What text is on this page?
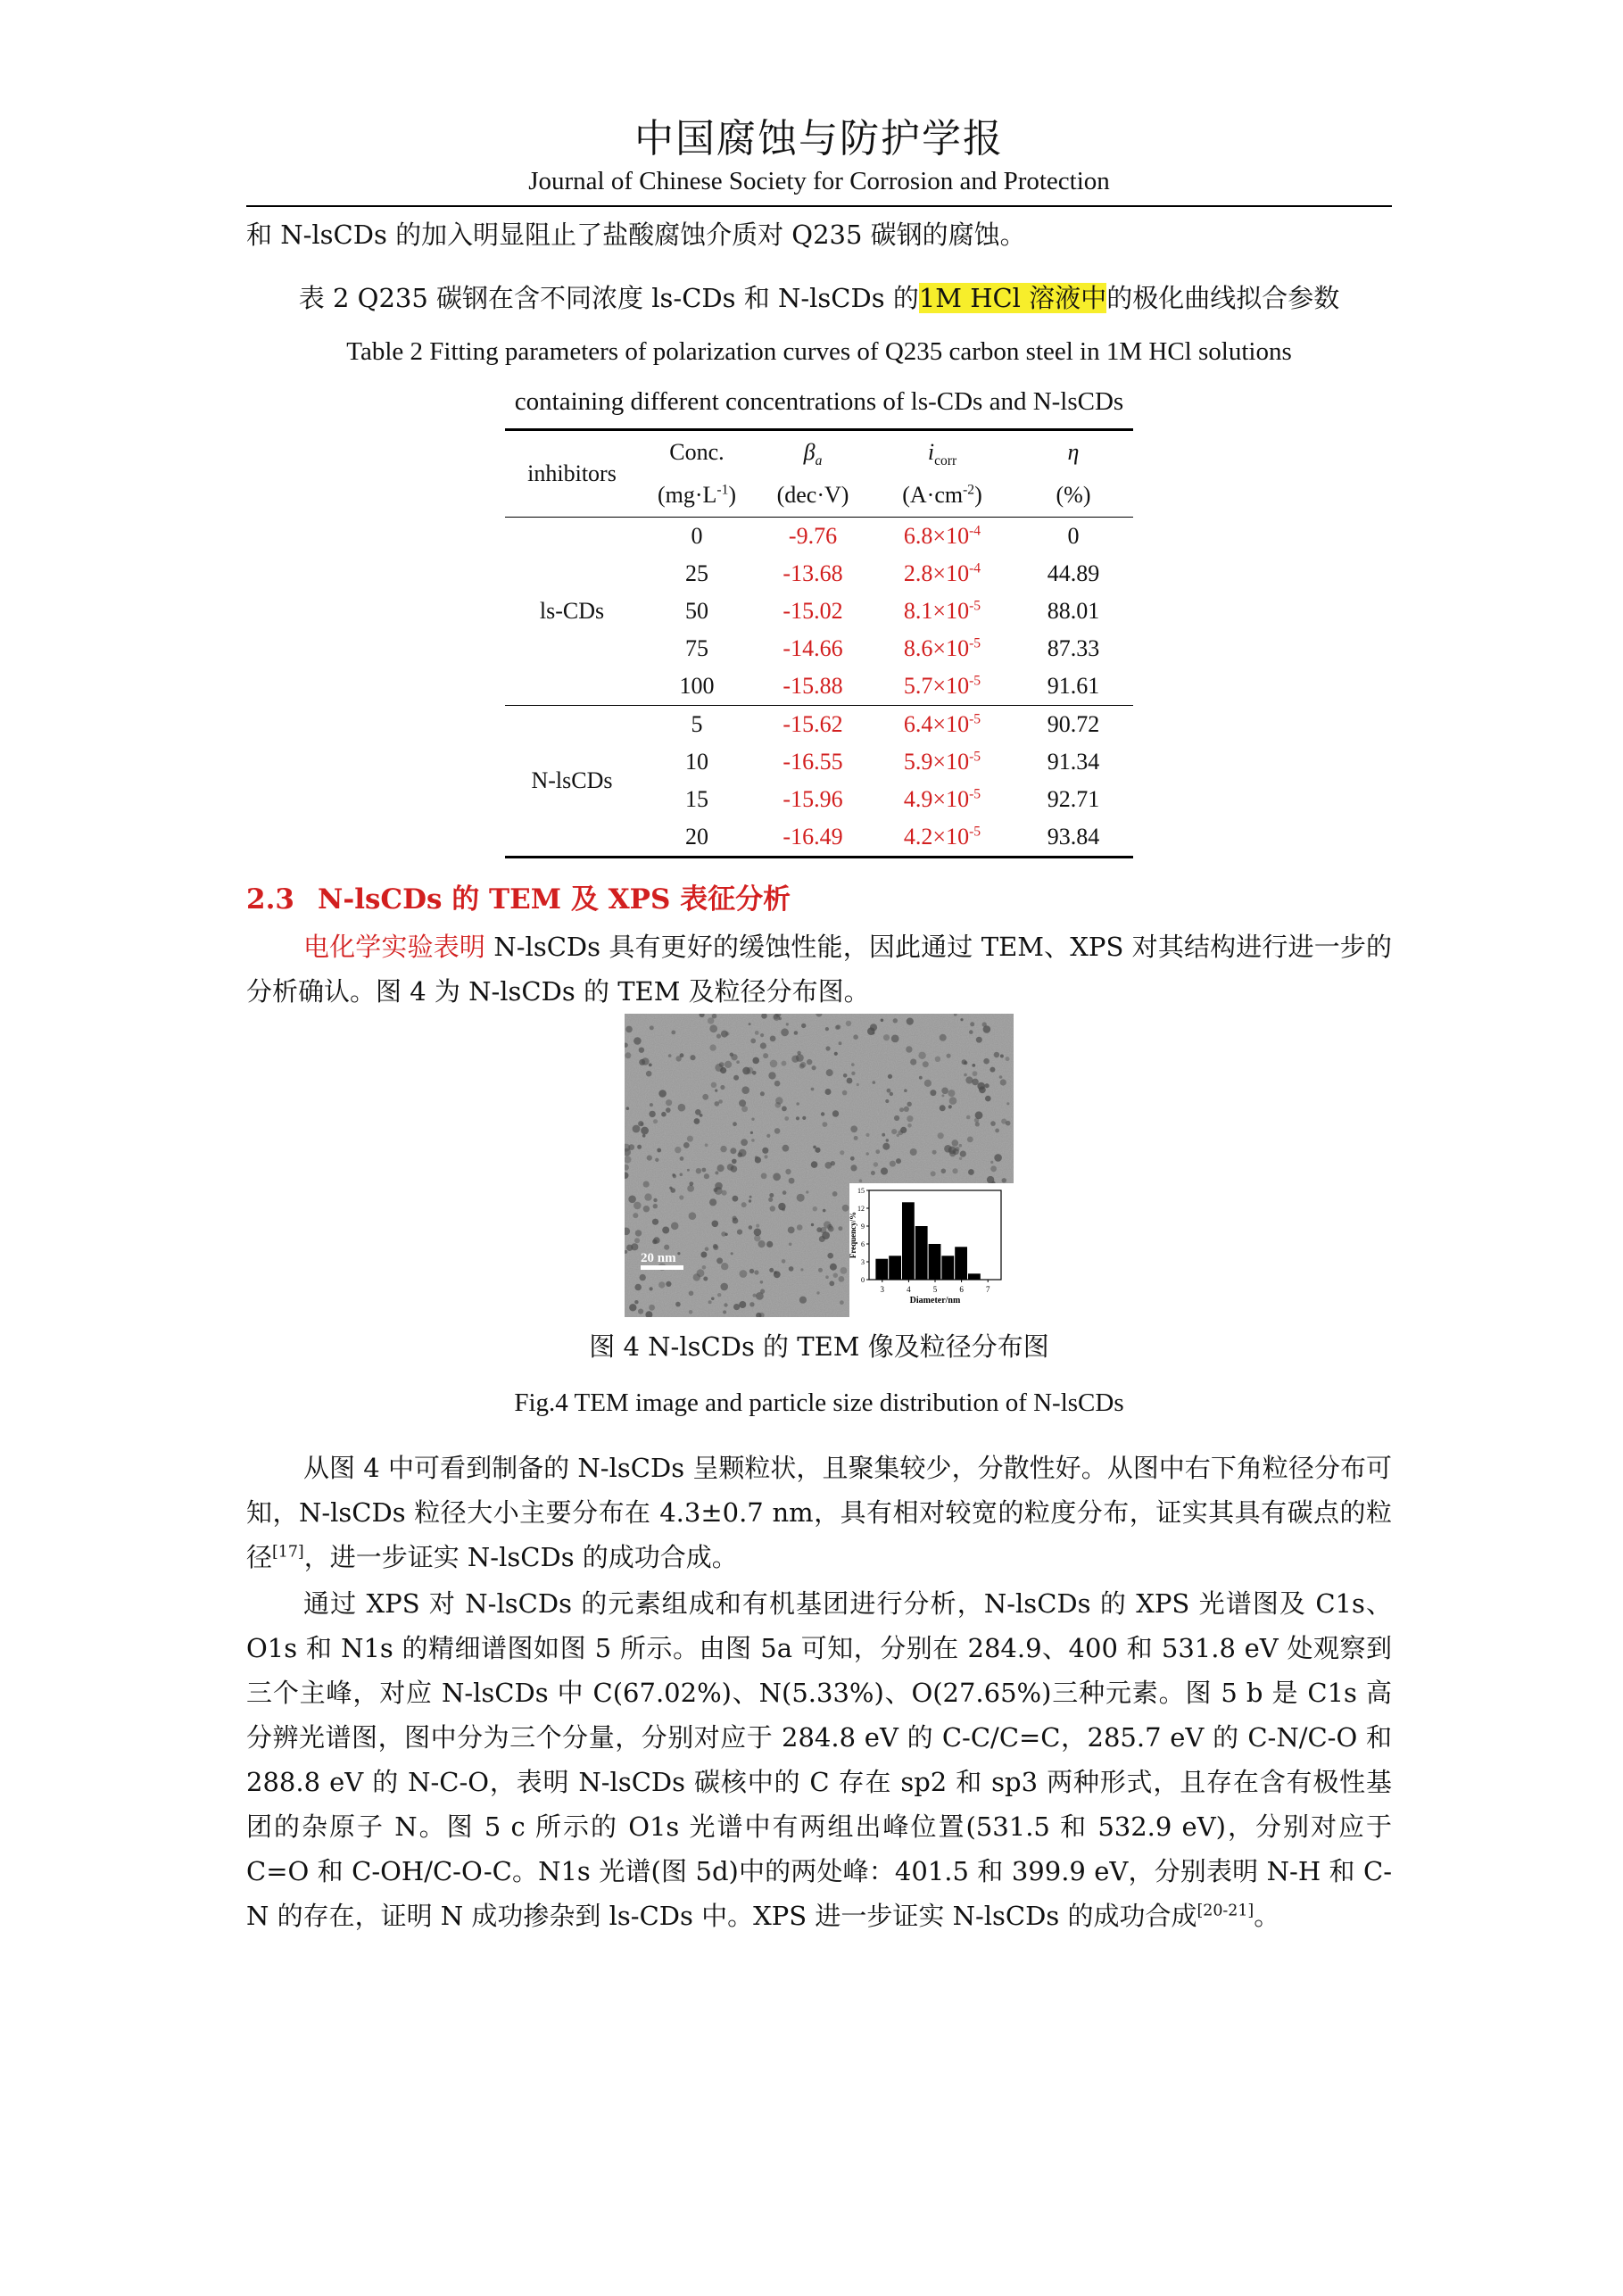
中国腐蚀与防护学报
Journal of Chinese Society for Corrosion and Protection
和 N-lsCDs 的加入明显阻止了盐酸腐蚀介质对 Q235 碳钢的腐蚀。
表 2 Q235 碳钢在含不同浓度 ls-CDs 和 N-lsCDs 的1M HCl 溶液中的极化曲线拟合参数
Table 2 Fitting parameters of polarization curves of Q235 carbon steel in 1M HCl solutions
containing different concentrations of ls-CDs and N-lsCDs
inhibitors	Conc.	$\beta_a$	$i_{corr}$	η
	$(mg\cdot L^{-1})$	(dec·V)	$(A\cdot cm^{-2})$	(%)
ls-CDs	0	-9.76	$6.8\times 10^{-4}$	0
	25	-13.68	$2.8\times 10^{-4}$	44.89
	50	-15.02	$8.1\times 10^{-5}$	88.01
	75	-14.66	$8.6\times 10^{-5}$	87.33
	100	-15.88	$5.7\times 10^{-5}$	91.61
N-lsCDs	5	-15.62	$6.4\times 10^{-5}$	90.72
	10	-16.55	$5.9\times 10^{-5}$	91.34
	15	-15.96	$4.9\times 10^{-5}$	92.71
	20	-16.49	$4.2\times 10^{-5}$	93.84
2.3 N-lsCDs 的 TEM 及 XPS 表征分析
电化学实验表明 N-lsCDs 具有更好的缓蚀性能，因此通过 TEM、XPS 对其结构进行进一步的分析确认。图 4 为 N-lsCDs 的 TEM 及粒径分布图。
20 nm
3	4	5	6	7
0
3
6
9
12
15
Diameter/nm
Frequency/%
图 4 N-lsCDs 的 TEM 像及粒径分布图
Fig.4 TEM image and particle size distribution of N-lsCDs
从图 4 中可看到制备的 N-lsCDs 呈颗粒状，且聚集较少，分散性好。从图中右下角粒径分布可知，N-lsCDs 粒径大小主要分布在 4.3±0.7 nm，具有相对较宽的粒度分布，证实其具有碳点的粒径[17]，进一步证实 N-lsCDs 的成功合成。
通过 XPS 对 N-lsCDs 的元素组成和有机基团进行分析，N-lsCDs 的 XPS 光谱图及 C1s、O1s 和 N1s 的精细谱图如图 5 所示。由图 5a 可知，分别在 284.9、400 和 531.8 eV 处观察到三个主峰，对应 N-lsCDs 中 C(67.02%)、N(5.33%)、O(27.65%)三种元素。图 5 b 是 C1s 高分辨光谱图，图中分为三个分量，分别对应于 284.8 eV 的 C-C/C=C，285.7 eV 的 C-N/C-O 和 288.8 eV 的 N-C-O，表明 N-lsCDs 碳核中的 C 存在 sp2 和 sp3 两种形式，且存在含有极性基团的杂原子 N。图 5 c 所示的 O1s 光谱中有两组出峰位置(531.5 和 532.9 eV)，分别对应于 C=O 和 C-OH/C-O-C。N1s 光谱(图 5d)中的两处峰：401.5 和 399.9 eV，分别表明 N-H 和 C-N 的存在，证明 N 成功掺杂到 ls-CDs 中。XPS 进一步证实 N-lsCDs 的成功合成[20-21]。
